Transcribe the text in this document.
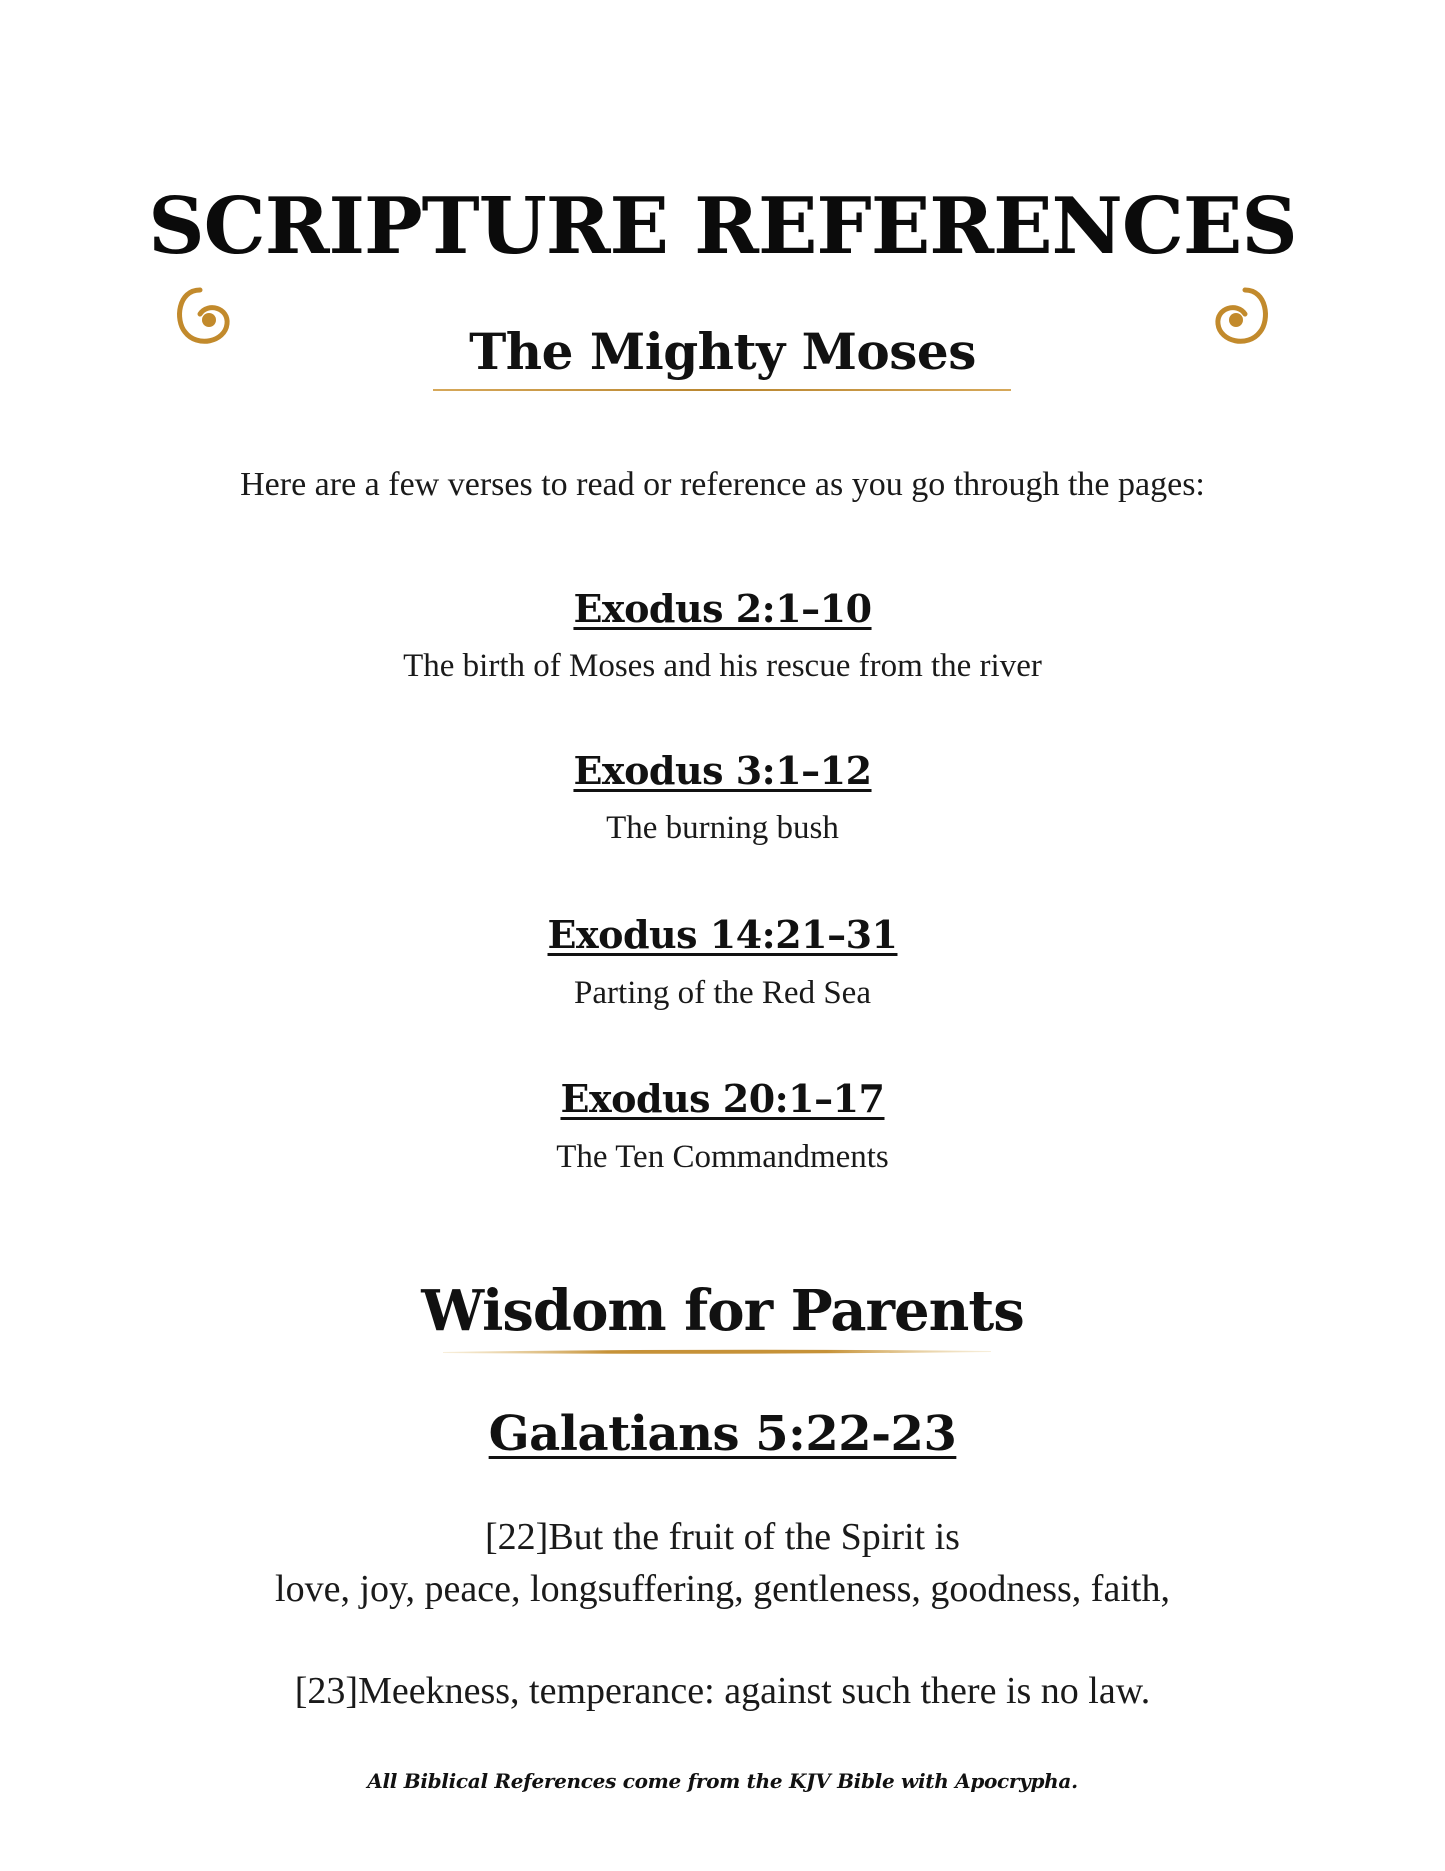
SCRIPTURE REFERENCES
The Mighty Moses
Here are a few verses to read or reference as you go through the pages:
Exodus 2:1–10
The birth of Moses and his rescue from the river
Exodus 3:1–12
The burning bush
Exodus 14:21–31
Parting of the Red Sea
Exodus 20:1–17
The Ten Commandments
Wisdom for Parents
Galatians 5:22-23
[22]But the fruit of the Spirit is
love, joy, peace, longsuffering, gentleness, goodness, faith,
[23]Meekness, temperance: against such there is no law.
All Biblical References come from the KJV Bible with Apocrypha.
